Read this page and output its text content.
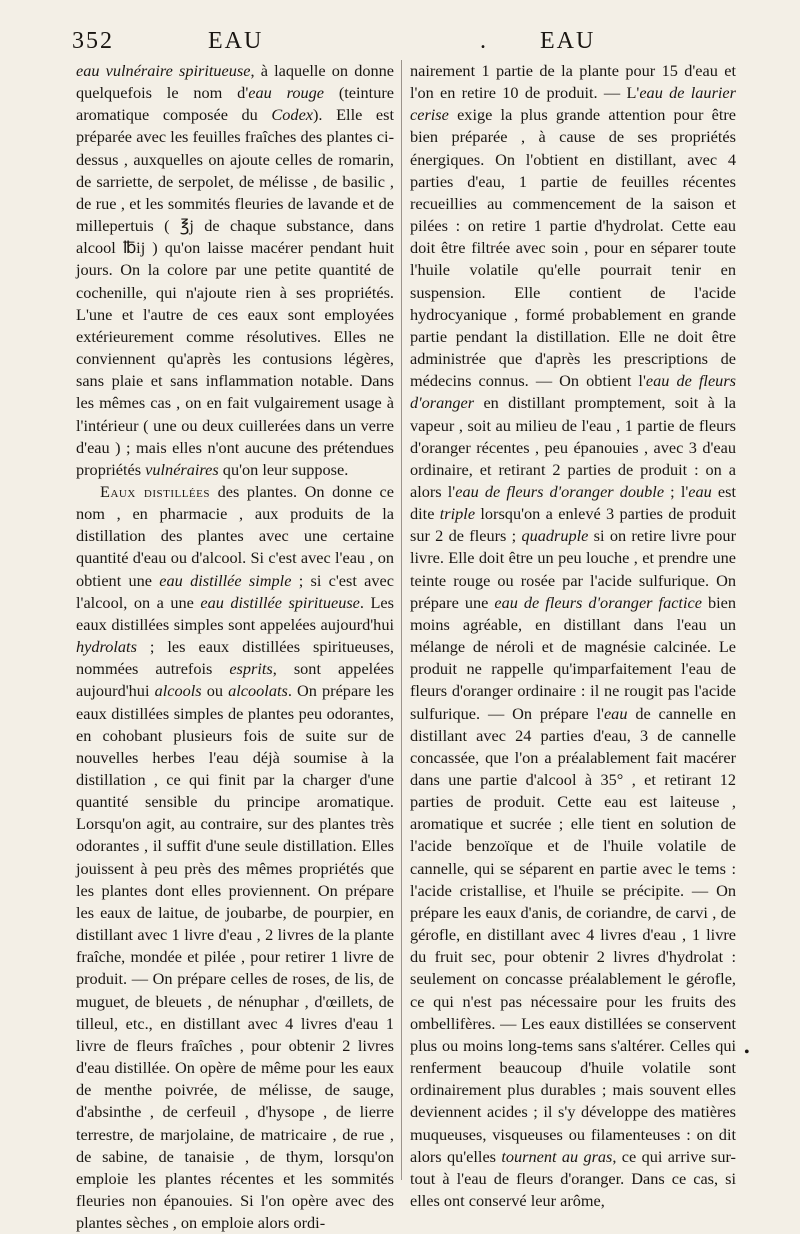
352	EAU	. EAU

eau vulnéraire spiritueuse, à laquelle on donne quelquefois le nom d'eau rouge (teinture aromatique composée du Codex). Elle est préparée avec les feuilles fraîches des plantes ci-dessus , auxquelles on ajoute celles de romarin, de sarriette, de serpolet, de mélisse , de basilic , de rue , et les sommités fleuries de lavande et de millepertuis ( ℥j de chaque substance, dans alcool ℔ij ) qu'on laisse macérer pendant huit jours. On la colore par une petite quantité de cochenille, qui n'ajoute rien à ses propriétés. L'une et l'autre de ces eaux sont employées extérieurement comme résolutives. Elles ne conviennent qu'après les contusions légères, sans plaie et sans inflammation notable. Dans les mêmes cas , on en fait vulgairement usage à l'intérieur ( une ou deux cuillerées dans un verre d'eau ) ; mais elles n'ont aucune des prétendues propriétés vulnéraires qu'on leur suppose.

Eaux distillées des plantes. On donne ce nom , en pharmacie , aux produits de la distillation des plantes avec une certaine quantité d'eau ou d'alcool. Si c'est avec l'eau , on obtient une eau distillée simple ; si c'est avec l'alcool, on a une eau distillée spiritueuse. Les eaux distillées simples sont appelées aujourd'hui hydrolats ; les eaux distillées spiritueuses, nommées autrefois esprits, sont appelées aujourd'hui alcools ou alcoolats. On prépare les eaux distillées simples de plantes peu odorantes, en cohobant plusieurs fois de suite sur de nouvelles herbes l'eau déjà soumise à la distillation , ce qui finit par la charger d'une quantité sensible du principe aromatique. Lorsqu'on agit, au contraire, sur des plantes très odorantes , il suffit d'une seule distillation. Elles jouissent à peu près des mêmes propriétés que les plantes dont elles proviennent. On prépare les eaux de laitue, de joubarbe, de pourpier, en distillant avec 1 livre d'eau , 2 livres de la plante fraîche, mondée et pilée , pour retirer 1 livre de produit. — On prépare celles de roses, de lis, de muguet, de bleuets , de nénuphar , d'œillets, de tilleul, etc., en distillant avec 4 livres d'eau 1 livre de fleurs fraîches , pour obtenir 2 livres d'eau distillée. On opère de même pour les eaux de menthe poivrée, de mélisse, de sauge, d'absinthe , de cerfeuil , d'hysope , de lierre terrestre, de marjolaine, de matricaire , de rue , de sabine, de tanaisie , de thym, lorsqu'on emploie les plantes récentes et les sommités fleuries non épanouies. Si l'on opère avec des plantes sèches , on emploie alors ordi-

nairement 1 partie de la plante pour 15 d'eau et l'on en retire 10 de produit. — L'eau de laurier cerise exige la plus grande attention pour être bien préparée , à cause de ses propriétés énergiques. On l'obtient en distillant, avec 4 parties d'eau, 1 partie de feuilles récentes recueillies au commencement de la saison et pilées : on retire 1 partie d'hydrolat. Cette eau doit être filtrée avec soin , pour en séparer toute l'huile volatile qu'elle pourrait tenir en suspension. Elle contient de l'acide hydrocyanique , formé probablement en grande partie pendant la distillation. Elle ne doit être administrée que d'après les prescriptions de médecins connus. — On obtient l'eau de fleurs d'oranger en distillant promptement, soit à la vapeur , soit au milieu de l'eau , 1 partie de fleurs d'oranger récentes , peu épanouies , avec 3 d'eau ordinaire, et retirant 2 parties de produit : on a alors l'eau de fleurs d'oranger double ; l'eau est dite triple lorsqu'on a enlevé 3 parties de produit sur 2 de fleurs ; quadruple si on retire livre pour livre. Elle doit être un peu louche , et prendre une teinte rouge ou rosée par l'acide sulfurique. On prépare une eau de fleurs d'oranger factice bien moins agréable, en distillant dans l'eau un mélange de néroli et de magnésie calcinée. Le produit ne rappelle qu'imparfaitement l'eau de fleurs d'oranger ordinaire : il ne rougit pas l'acide sulfurique. — On prépare l'eau de cannelle en distillant avec 24 parties d'eau, 3 de cannelle concassée, que l'on a préalablement fait macérer dans une partie d'alcool à 35° , et retirant 12 parties de produit. Cette eau est laiteuse , aromatique et sucrée ; elle tient en solution de l'acide benzoïque et de l'huile volatile de cannelle, qui se séparent en partie avec le tems : l'acide cristallise, et l'huile se précipite. — On prépare les eaux d'anis, de coriandre, de carvi , de gérofle, en distillant avec 4 livres d'eau , 1 livre du fruit sec, pour obtenir 2 livres d'hydrolat : seulement on concasse préalablement le gérofle, ce qui n'est pas nécessaire pour les fruits des ombellifères. — Les eaux distillées se conservent plus ou moins long-tems sans s'altérer. Celles qui renferment beaucoup d'huile volatile sont ordinairement plus durables ; mais souvent elles deviennent acides ; il s'y développe des matières muqueuses, visqueuses ou filamenteuses : on dit alors qu'elles tournent au gras, ce qui arrive sur-tout à l'eau de fleurs d'oranger. Dans ce cas, si elles ont conservé leur arôme,

•
